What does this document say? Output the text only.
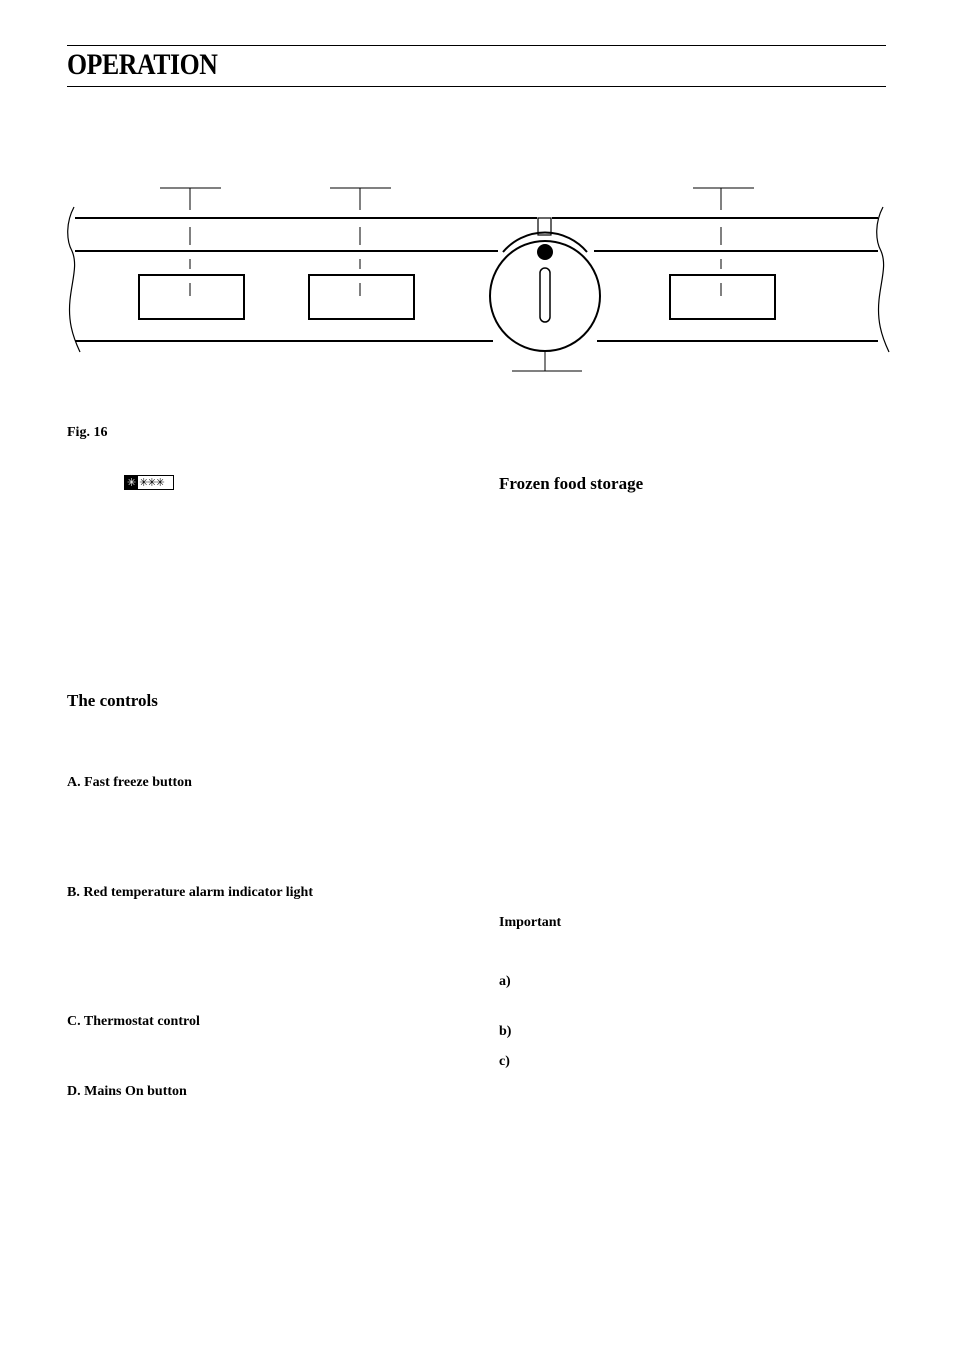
OPERATION
Fig. 16
✳ ✳✳✳
The controls
A. Fast freeze button
B. Red temperature alarm indicator light
C. Thermostat control
D. Mains On button
Frozen food storage
Important
a)
b)
c)
